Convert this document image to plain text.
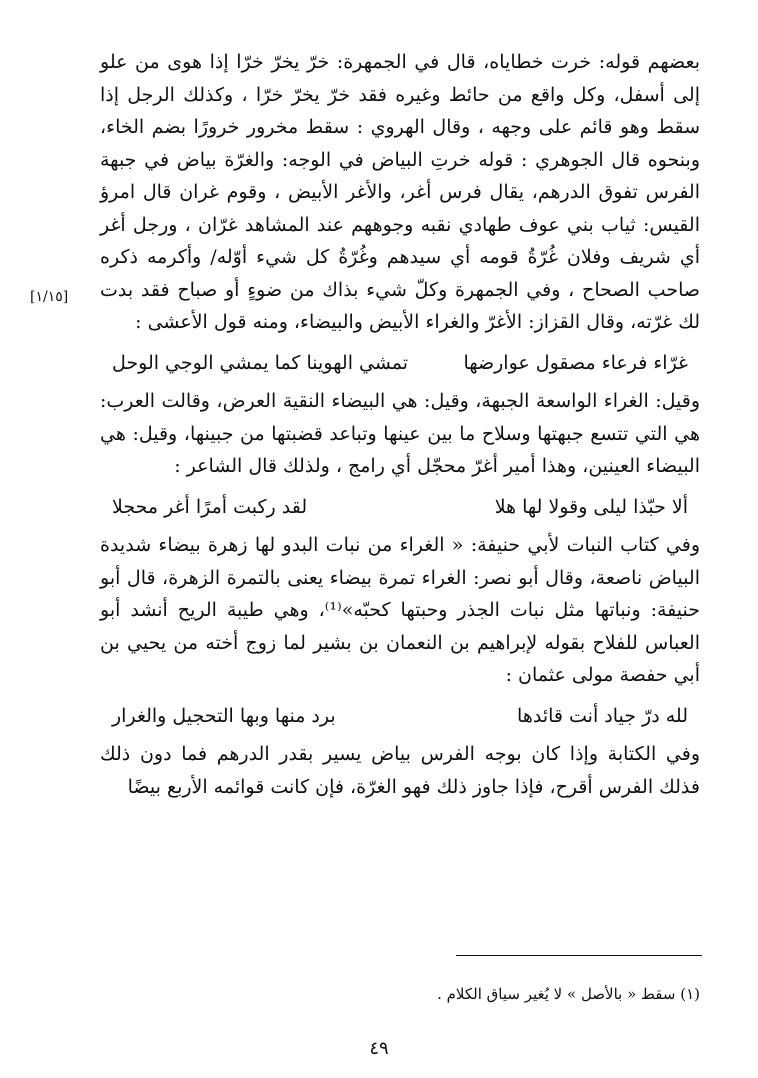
بعضهم قوله: خرت خطاياه، قال في الجمهرة: خرّ يخرّ خرّا إذا هوى من علو إلى أسفل، وكل واقع من حائط وغيره فقد خرّ يخرّ خرّا ، وكذلك الرجل إذا سقط وهو قائم على وجهه ، وقال الهروي : سقط مخرور خرورًا بضم الخاء، وبنحوه قال الجوهري : قوله خرتِ البياض في الوجه: والغرّة بياض في جبهة الفرس تفوق الدرهم، يقال فرس أغر، والأغر الأبيض ، وقوم غران قال امرؤ القيس: ثياب بني عوف طهادي نقبه وجوههم عند المشاهد غرّان ، ورجل أغر أي شريف وفلان غُرّةُ قومه أي سيدهم وغُرّةُ كل شيء أوّله/ وأكرمه ذكره صاحب الصحاح ، وفي الجمهرة وكلّ شيء بذاك من ضوءٍ أو صباح فقد بدت لك غرّته، وقال القزاز: الأغرّ والغراء الأبيض والبيضاء، ومنه قول الأعشى :

غرّاء فرعاء مصقول عوارضها
تمشي الهوينا كما يمشي الوجي الوحل

وقيل: الغراء الواسعة الجبهة، وقيل: هي البيضاء النقية العرض، وقالت العرب: هي التي تتسع جبهتها وسلاح ما بين عينها وتباعد قضبتها من جبينها، وقيل: هي البيضاء العينين، وهذا أمير أغرّ محجّل أي رامج ، ولذلك قال الشاعر :

ألا حبّذا ليلى وقولا لها هلا
لقد ركبت أمرًا أغر محجلا

وفي كتاب النبات لأبي حنيفة: « الغراء من نبات البدو لها زهرة بيضاء شديدة البياض ناصعة، وقال أبو نصر: الغراء تمرة بيضاء يعنى بالتمرة الزهرة، قال أبو حنيفة: ونباتها مثل نبات الجذر وحبتها كحبّه»⁽¹⁾، وهي طيبة الريح أنشد أبو العباس للفلاح بقوله لإبراهيم بن النعمان بن بشير لما زوج أخته من يحيي بن أبي حفصة مولى عثمان :

لله درّ جياد أنت قائدها
برد منها وبها التحجيل والغرار

وفي الكتابة وإذا كان بوجه الفرس بياض يسير بقدر الدرهم فما دون ذلك فذلك الفرس أقرح، فإذا جاوز ذلك فهو الغرّة، فإن كانت قوائمه الأربع بيضًا

[١/١٥]
(١) سقط « بالأصل » لا يُغير سياق الكلام .
٤٩
